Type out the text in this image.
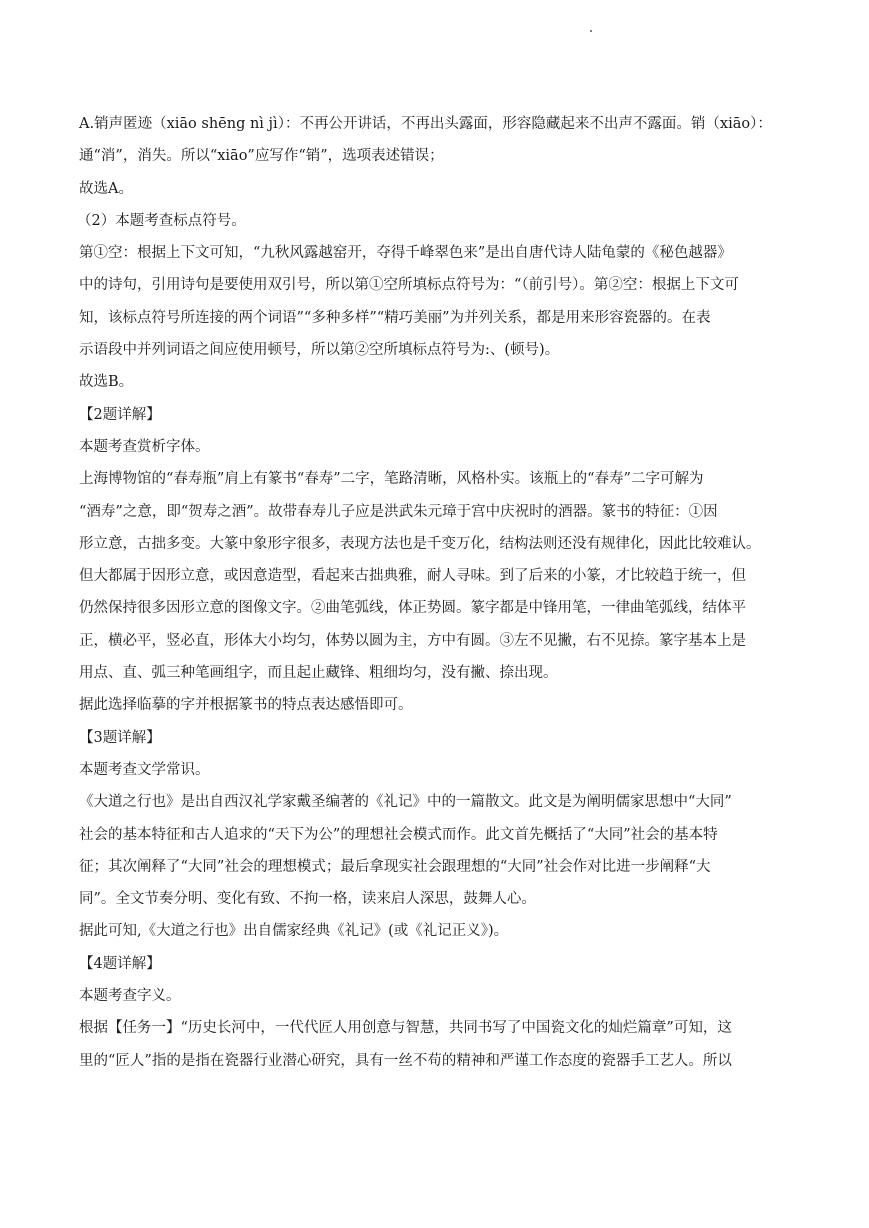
A.销声匿迹（xiāo shēng nì jì）：不再公开讲话，不再出头露面，形容隐藏起来不出声不露面。销（xiāo）：
通“消”，消失。所以“xiāo”应写作“销”，选项表述错误；
故选A。
（2）本题考查标点符号。
第①空：根据上下文可知，“九秋风露越窑开，夺得千峰翠色来”是出自唐代诗人陆龟蒙的《秘色越器》
中的诗句，引用诗句是要使用双引号，所以第①空所填标点符号为：“（前引号）。第②空：根据上下文可
知，该标点符号所连接的两个词语”“多种多样”“精巧美丽”为并列关系，都是用来形容瓷器的。在表
示语段中并列词语之间应使用顿号，所以第②空所填标点符号为:、(顿号)。
故选B。
【2题详解】
本题考查赏析字体。
上海博物馆的“春寿瓶”肩上有篆书“春寿”二字，笔路清晰，风格朴实。该瓶上的“春寿”二字可解为
“酒寿”之意，即“贺寿之酒”。故带春寿儿子应是洪武朱元璋于宫中庆祝时的酒器。篆书的特征：①因
形立意，古拙多变。大篆中象形字很多，表现方法也是千变万化，结构法则还没有规律化，因此比较难认。
但大都属于因形立意，或因意造型，看起来古拙典雅，耐人寻味。到了后来的小篆，才比较趋于统一，但
仍然保持很多因形立意的图像文字。②曲笔弧线，体正势圆。篆字都是中锋用笔，一律曲笔弧线，结体平
正，横必平，竖必直，形体大小均匀，体势以圆为主，方中有圆。③左不见撇，右不见捺。篆字基本上是
用点、直、弧三种笔画组字，而且起止藏锋、粗细均匀，没有撇、捺出现。
据此选择临摹的字并根据篆书的特点表达感悟即可。
【3题详解】
本题考查文学常识。
《大道之行也》是出自西汉礼学家戴圣编著的《礼记》中的一篇散文。此文是为阐明儒家思想中“大同”
社会的基本特征和古人追求的“天下为公”的理想社会模式而作。此文首先概括了“大同”社会的基本特
征；其次阐释了“大同”社会的理想模式；最后拿现实社会跟理想的“大同”社会作对比进一步阐释“大
同”。全文节奏分明、变化有致、不拘一格，读来启人深思，鼓舞人心。
据此可知,《大道之行也》出自儒家经典《礼记》(或《礼记正义》)。
【4题详解】
本题考查字义。
根据【任务一】“历史长河中，一代代匠人用创意与智慧，共同书写了中国瓷文化的灿烂篇章”可知，这
里的“匠人”指的是指在瓷器行业潜心研究，具有一丝不苟的精神和严谨工作态度的瓷器手工艺人。所以
